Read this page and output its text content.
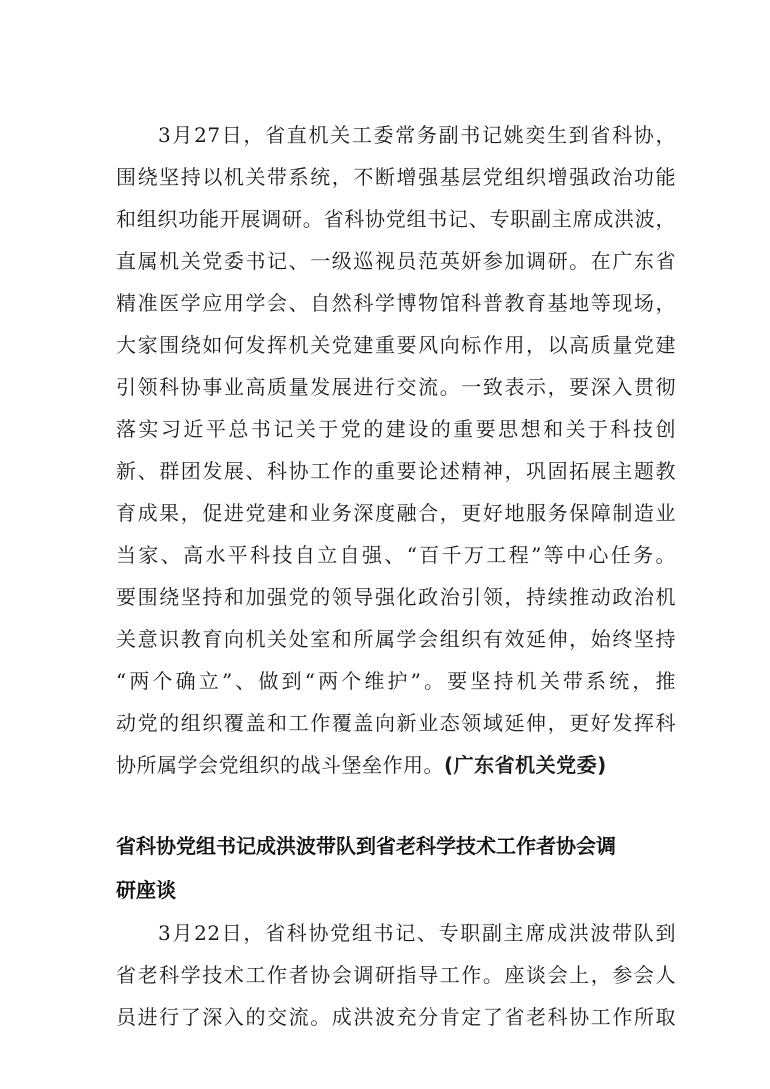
3月27日，省直机关工委常务副书记姚奕生到省科协，
围绕坚持以机关带系统，不断增强基层党组织增强政治功能
和组织功能开展调研。省科协党组书记、专职副主席成洪波，
直属机关党委书记、一级巡视员范英妍参加调研。在广东省
精准医学应用学会、自然科学博物馆科普教育基地等现场，
大家围绕如何发挥机关党建重要风向标作用，以高质量党建
引领科协事业高质量发展进行交流。一致表示，要深入贯彻
落实习近平总书记关于党的建设的重要思想和关于科技创
新、群团发展、科协工作的重要论述精神，巩固拓展主题教
育成果，促进党建和业务深度融合，更好地服务保障制造业
当家、高水平科技自立自强、“百千万工程”等中心任务。
要围绕坚持和加强党的领导强化政治引领，持续推动政治机
关意识教育向机关处室和所属学会组织有效延伸，始终坚持
“两个确立”、做到“两个维护”。要坚持机关带系统，推
动党的组织覆盖和工作覆盖向新业态领域延伸，更好发挥科
协所属学会党组织的战斗堡垒作用。(广东省机关党委)
省科协党组书记成洪波带队到省老科学技术工作者协会调
研座谈
3月22日，省科协党组书记、专职副主席成洪波带队到
省老科学技术工作者协会调研指导工作。座谈会上，参会人
员进行了深入的交流。成洪波充分肯定了省老科协工作所取
